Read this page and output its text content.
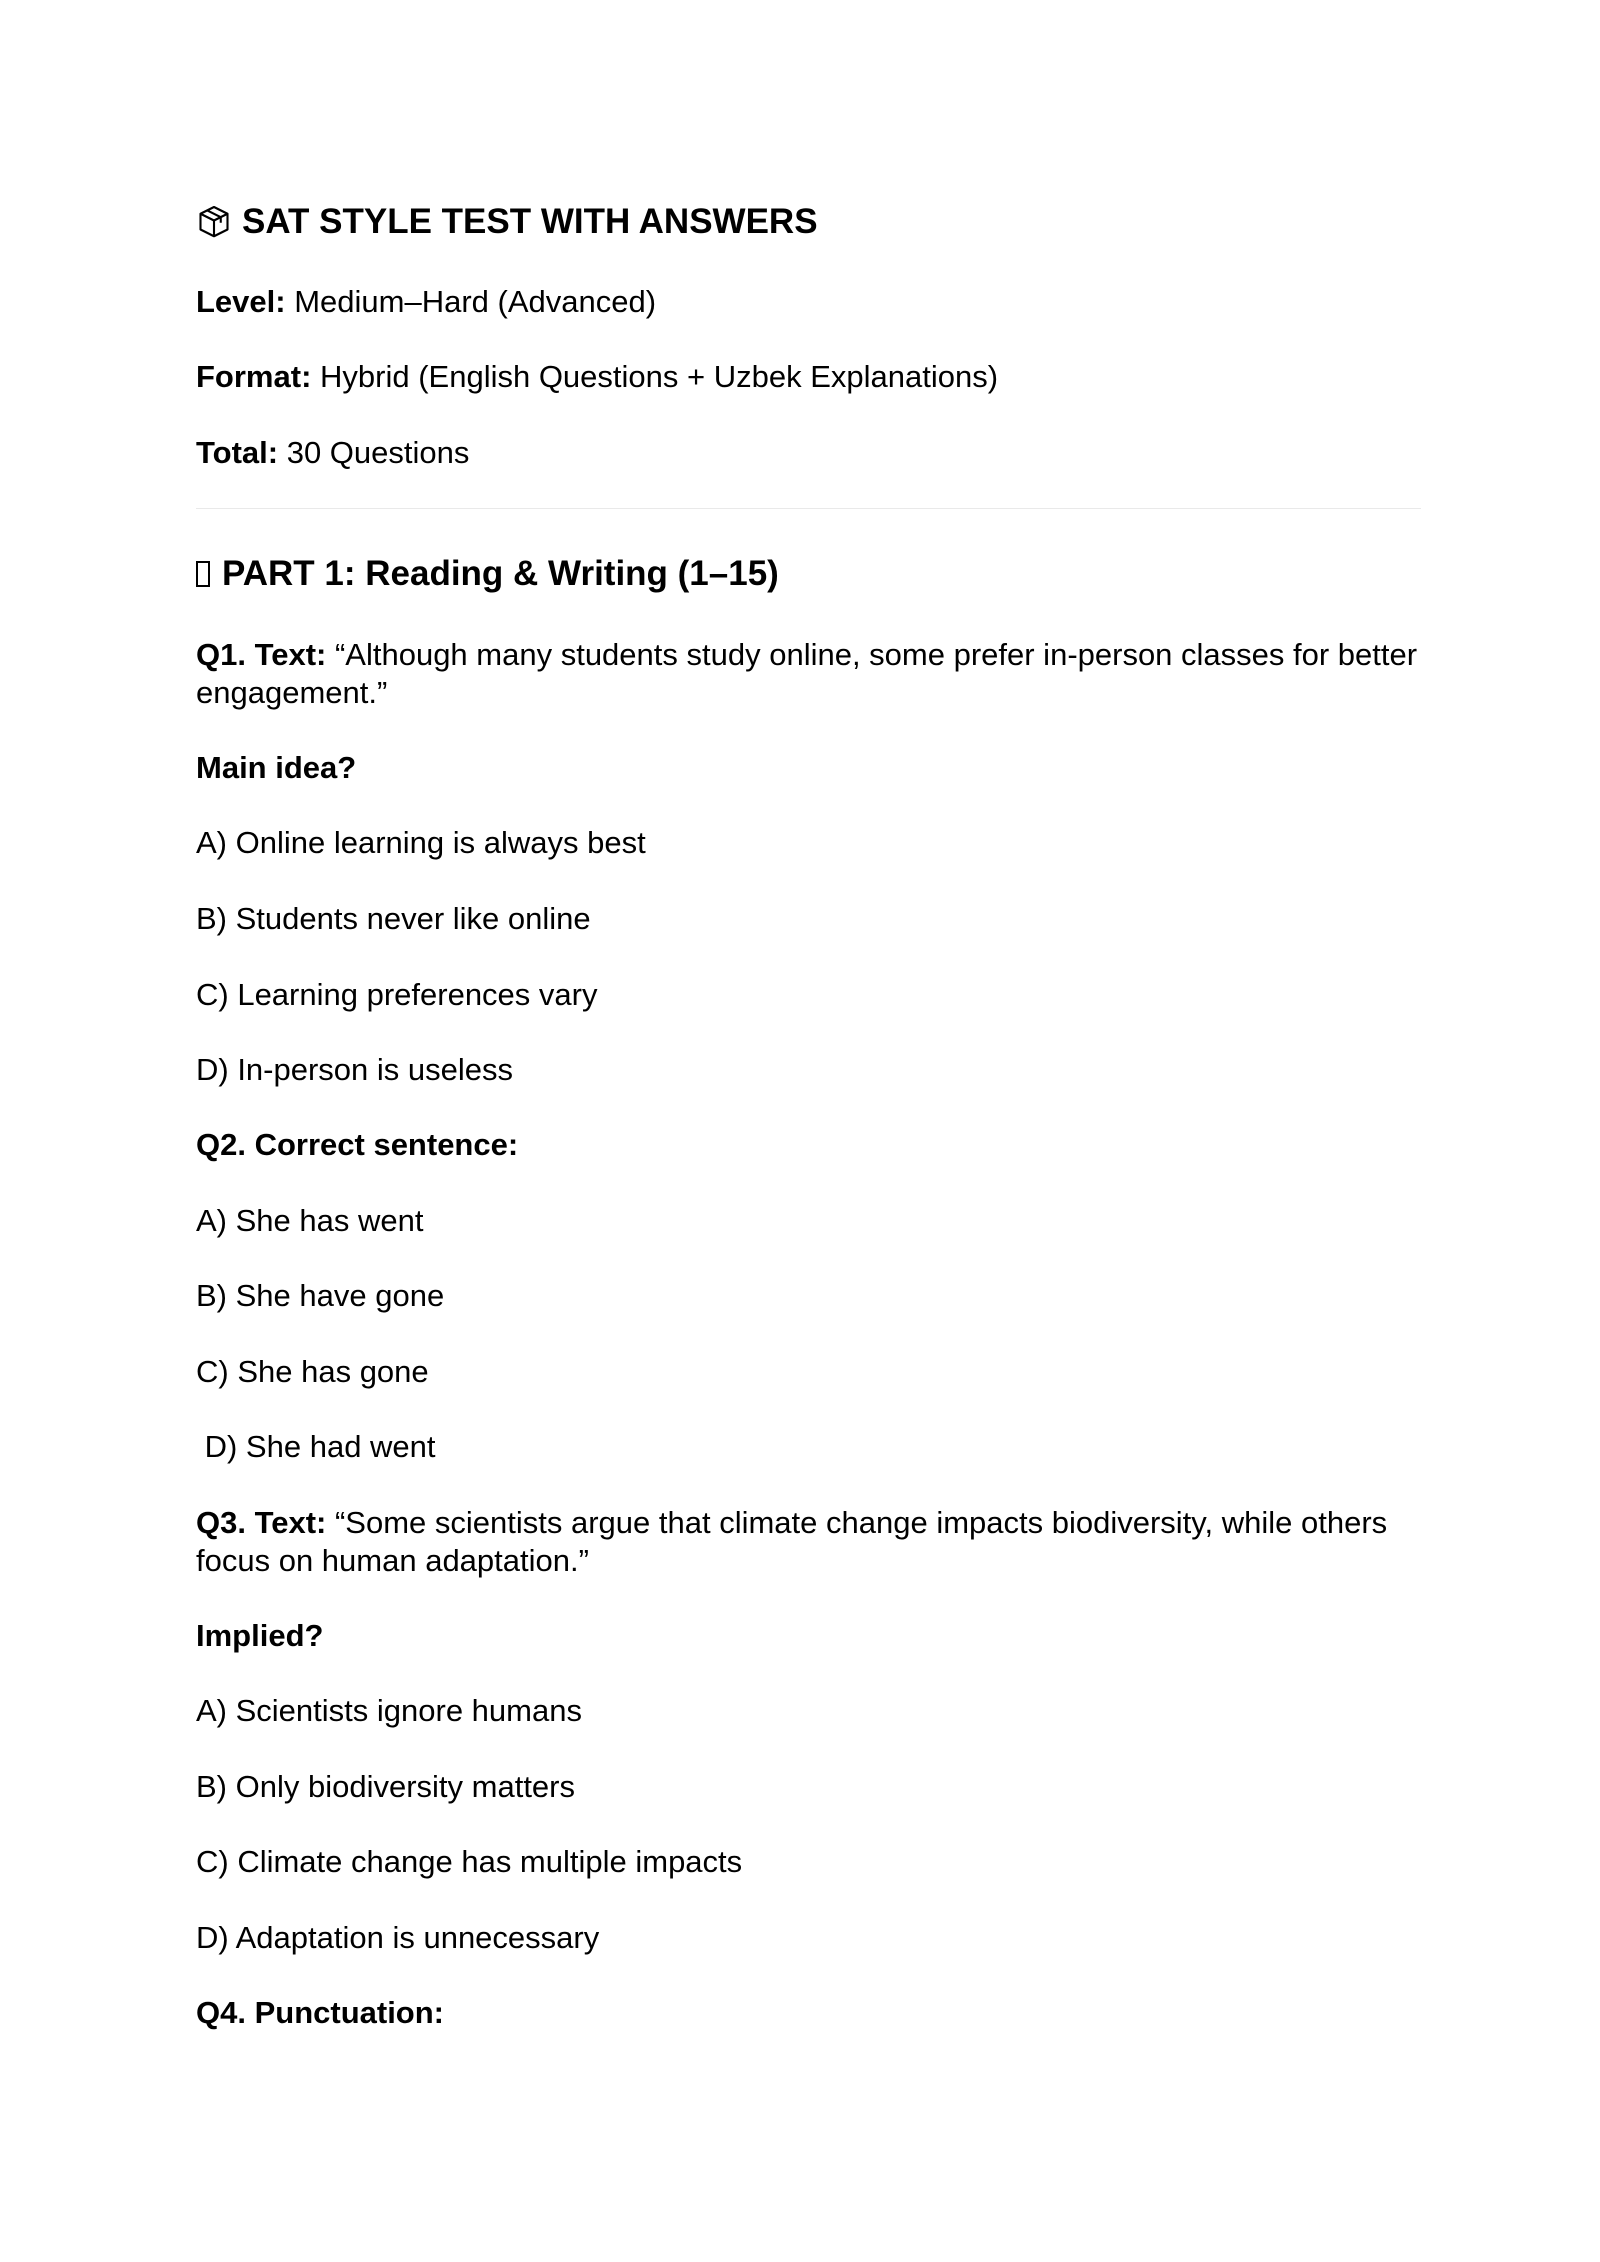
SAT STYLE TEST WITH ANSWERS
Level: Medium–Hard (Advanced)
Format: Hybrid (English Questions + Uzbek Explanations)
Total: 30 Questions
PART 1: Reading & Writing (1–15)
Q1. Text: “Although many students study online, some prefer in-person classes for better engagement.”
Main idea?
A) Online learning is always best
B) Students never like online
C) Learning preferences vary
D) In-person is useless
Q2. Correct sentence:
A) She has went
B) She have gone
C) She has gone
D) She had went
Q3. Text: “Some scientists argue that climate change impacts biodiversity, while others focus on human adaptation.”
Implied?
A) Scientists ignore humans
B) Only biodiversity matters
C) Climate change has multiple impacts
D) Adaptation is unnecessary
Q4. Punctuation:
